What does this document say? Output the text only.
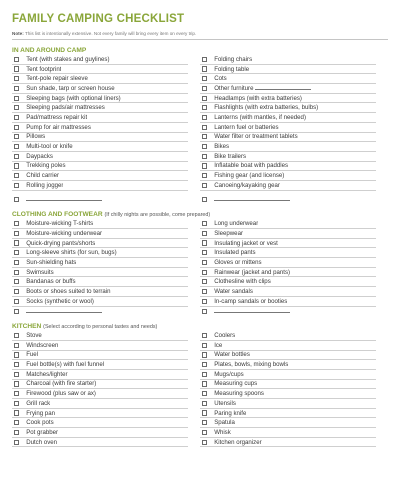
FAMILY CAMPING CHECKLIST
Note: This list is intentionally extensive. Not every family will bring every item on every trip.
IN AND AROUND CAMP
Tent (with stakes and guylines)
Tent footprint
Tent-pole repair sleeve
Sun shade, tarp or screen house
Sleeping bags (with optional liners)
Sleeping pads/air mattresses
Pad/mattress repair kit
Pump for air mattresses
Pillows
Multi-tool or knife
Daypacks
Trekking poles
Child carrier
Rolling jogger
Folding chairs
Folding table
Cots
Other furniture
Headlamps (with extra batteries)
Flashlights (with extra batteries, bulbs)
Lanterns (with mantles, if needed)
Lantern fuel or batteries
Water filter or treatment tablets
Bikes
Bike trailers
Inflatable boat with paddles
Fishing gear (and license)
Canoeing/kayaking gear
CLOTHING AND FOOTWEAR (If chilly nights are possible, come prepared)
Moisture-wicking T-shirts
Moisture-wicking underwear
Quick-drying pants/shorts
Long-sleeve shirts (for sun, bugs)
Sun-shielding hats
Swimsuits
Bandanas or buffs
Boots or shoes suited to terrain
Socks (synthetic or wool)
Long underwear
Sleepwear
Insulating jacket or vest
Insulated pants
Gloves or mittens
Rainwear (jacket and pants)
Clothesline with clips
Water sandals
In-camp sandals or booties
KITCHEN (Select according to personal tastes and needs)
Stove
Windscreen
Fuel
Fuel bottle(s) with fuel funnel
Matches/lighter
Charcoal (with fire starter)
Firewood (plus saw or ax)
Grill rack
Frying pan
Cook pots
Pot grabber
Dutch oven
Coolers
Ice
Water bottles
Plates, bowls, mixing bowls
Mugs/cups
Measuring cups
Measuring spoons
Utensils
Paring knife
Spatula
Whisk
Kitchen organizer
